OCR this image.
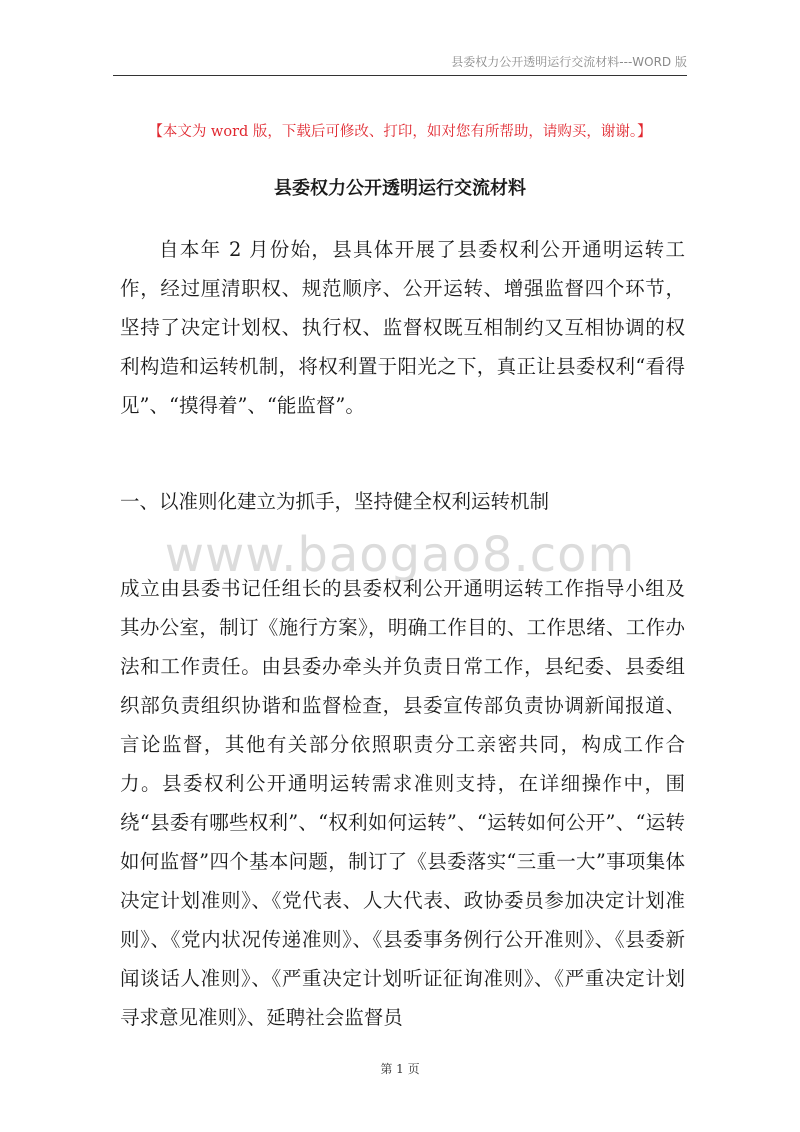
县委权力公开透明运行交流材料---WORD 版
【本文为 word 版，下载后可修改、打印，如对您有所帮助，请购买，谢谢。】
县委权力公开透明运行交流材料

自本年 2 月份始，县具体开展了县委权利公开通明运转工作，经过厘清职权、规范顺序、公开运转、增强监督四个环节，坚持了决定计划权、执行权、监督权既互相制约又互相协调的权利构造和运转机制，将权利置于阳光之下，真正让县委权利“看得见”、“摸得着”、“能监督”。

一、以准则化建立为抓手，坚持健全权利运转机制
www.baogao8.com

成立由县委书记任组长的县委权利公开通明运转工作指导小组及其办公室，制订《施行方案》，明确工作目的、工作思绪、工作办法和工作责任。由县委办牵头并负责日常工作，县纪委、县委组织部负责组织协谐和监督检查，县委宣传部负责协调新闻报道、言论监督，其他有关部分依照职责分工亲密共同，构成工作合力。县委权利公开通明运转需求准则支持，在详细操作中，围绕“县委有哪些权利”、“权利如何运转”、“运转如何公开”、“运转如何监督”四个基本问题，制订了《县委落实“三重一大”事项集体决定计划准则》、《党代表、人大代表、政协委员参加决定计划准则》、《党内状况传递准则》、《县委事务例行公开准则》、《县委新闻谈话人准则》、《严重决定计划听证征询准则》、《严重决定计划寻求意见准则》、延聘社会监督员

第 1 页
